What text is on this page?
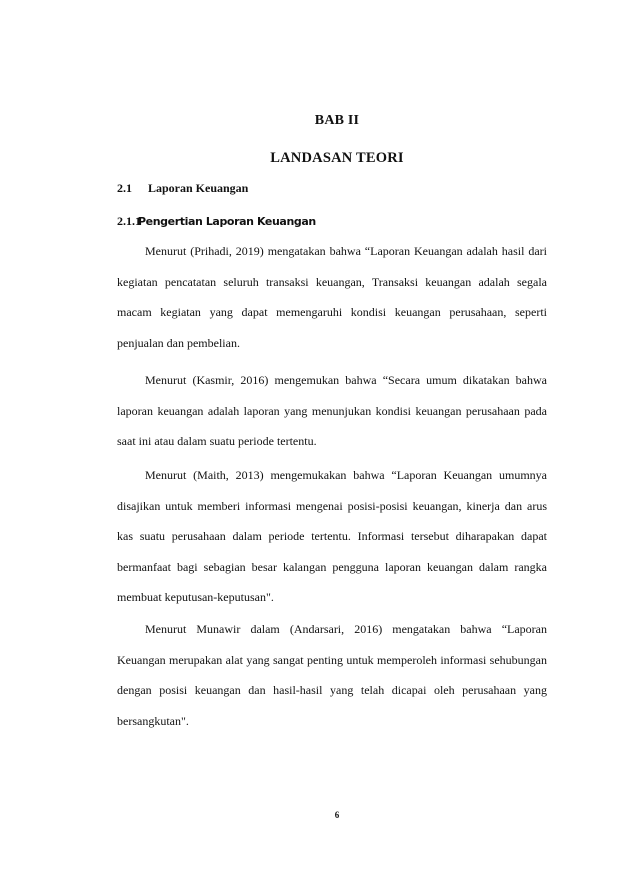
BAB II
LANDASAN TEORI
2.1 Laporan Keuangan
2.1.1Pengertian Laporan Keuangan

Menurut (Prihadi, 2019) mengatakan bahwa “Laporan Keuangan adalah hasil dari kegiatan pencatatan seluruh transaksi keuangan, Transaksi keuangan adalah segala macam kegiatan yang dapat memengaruhi kondisi keuangan perusahaan, seperti penjualan dan pembelian.

Menurut (Kasmir, 2016) mengemukan bahwa “Secara umum dikatakan bahwa laporan keuangan adalah laporan yang menunjukan kondisi keuangan perusahaan pada saat ini atau dalam suatu periode tertentu.

Menurut (Maith, 2013) mengemukakan bahwa “Laporan Keuangan umumnya disajikan untuk memberi informasi mengenai posisi-posisi keuangan, kinerja dan arus kas suatu perusahaan dalam periode tertentu. Informasi tersebut diharapakan dapat bermanfaat bagi sebagian besar kalangan pengguna laporan keuangan dalam rangka membuat keputusan-keputusan".

Menurut Munawir dalam (Andarsari, 2016) mengatakan bahwa “Laporan Keuangan merupakan alat yang sangat penting untuk memperoleh informasi sehubungan dengan posisi keuangan dan hasil-hasil yang telah dicapai oleh perusahaan yang bersangkutan".

6
